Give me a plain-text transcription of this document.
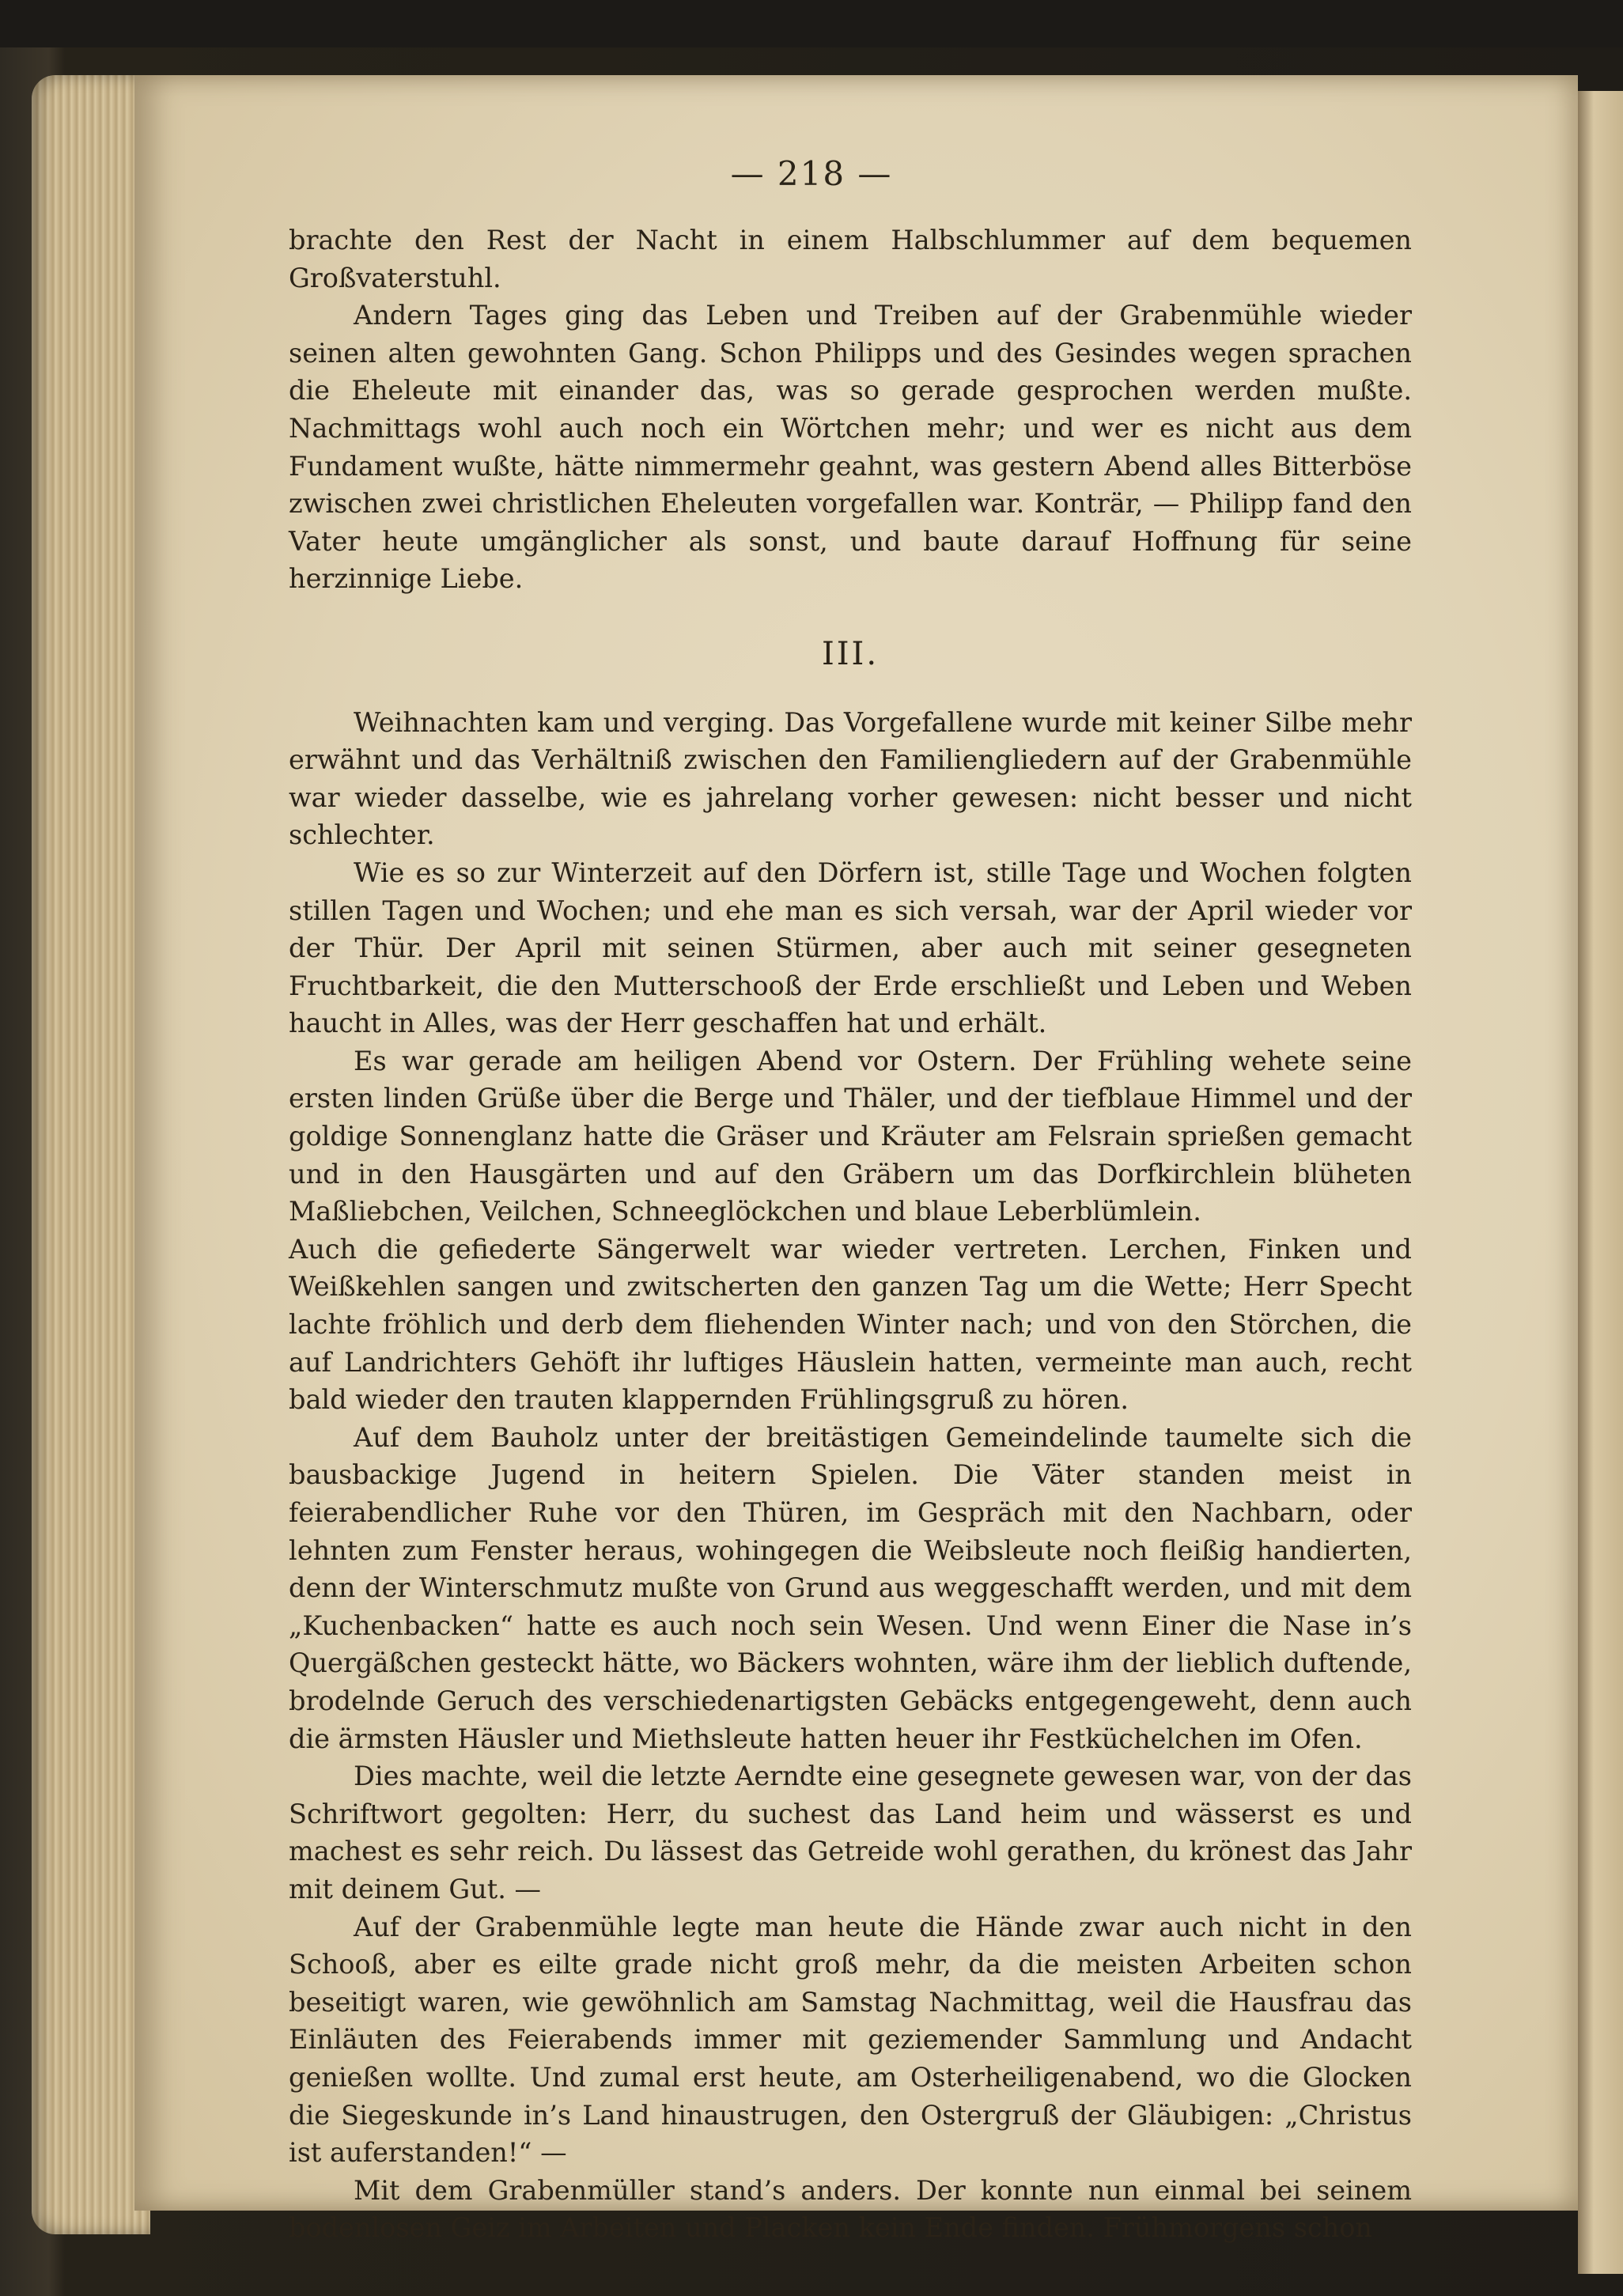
— 218 —

brachte den Rest der Nacht in einem Halbschlummer auf dem bequemen Großvaterstuhl.

Andern Tages ging das Leben und Treiben auf der Grabenmühle wieder seinen alten gewohnten Gang. Schon Philipps und des Gesindes wegen sprachen die Eheleute mit einander das, was so gerade gesprochen werden mußte. Nachmittags wohl auch noch ein Wörtchen mehr; und wer es nicht aus dem Fundament wußte, hätte nimmermehr geahnt, was gestern Abend alles Bitterböse zwischen zwei christlichen Eheleuten vorgefallen war. Konträr, — Philipp fand den Vater heute umgänglicher als sonst, und baute darauf Hoffnung für seine herzinnige Liebe.

III.

Weihnachten kam und verging. Das Vorgefallene wurde mit keiner Silbe mehr erwähnt und das Verhältniß zwischen den Familiengliedern auf der Grabenmühle war wieder dasselbe, wie es jahrelang vorher gewesen: nicht besser und nicht schlechter.

Wie es so zur Winterzeit auf den Dörfern ist, stille Tage und Wochen folgten stillen Tagen und Wochen; und ehe man es sich versah, war der April wieder vor der Thür. Der April mit seinen Stürmen, aber auch mit seiner gesegneten Fruchtbarkeit, die den Mutterschooß der Erde erschließt und Leben und Weben haucht in Alles, was der Herr geschaffen hat und erhält.

Es war gerade am heiligen Abend vor Ostern. Der Frühling wehete seine ersten linden Grüße über die Berge und Thäler, und der tiefblaue Himmel und der goldige Sonnenglanz hatte die Gräser und Kräuter am Felsrain sprießen gemacht und in den Hausgärten und auf den Gräbern um das Dorfkirchlein blüheten Maßliebchen, Veilchen, Schneeglöckchen und blaue Leberblümlein.

Auch die gefiederte Sängerwelt war wieder vertreten. Lerchen, Finken und Weißkehlen sangen und zwitscherten den ganzen Tag um die Wette; Herr Specht lachte fröhlich und derb dem fliehenden Winter nach; und von den Störchen, die auf Landrichters Gehöft ihr luftiges Häuslein hatten, vermeinte man auch, recht bald wieder den trauten klappernden Frühlingsgruß zu hören.

Auf dem Bauholz unter der breitästigen Gemeindelinde taumelte sich die bausbackige Jugend in heitern Spielen. Die Väter standen meist in feierabendlicher Ruhe vor den Thüren, im Gespräch mit den Nachbarn, oder lehnten zum Fenster heraus, wohingegen die Weibsleute noch fleißig handierten, denn der Winterschmutz mußte von Grund aus weggeschafft werden, und mit dem „Kuchenbacken“ hatte es auch noch sein Wesen. Und wenn Einer die Nase in’s Quergäßchen gesteckt hätte, wo Bäckers wohnten, wäre ihm der lieblich duftende, brodelnde Geruch des verschiedenartigsten Gebäcks entgegengeweht, denn auch die ärmsten Häusler und Miethsleute hatten heuer ihr Festküchelchen im Ofen.

Dies machte, weil die letzte Aerndte eine gesegnete gewesen war, von der das Schriftwort gegolten: Herr, du suchest das Land heim und wässerst es und machest es sehr reich. Du lässest das Getreide wohl gerathen, du krönest das Jahr mit deinem Gut. —

Auf der Grabenmühle legte man heute die Hände zwar auch nicht in den Schooß, aber es eilte grade nicht groß mehr, da die meisten Arbeiten schon beseitigt waren, wie gewöhnlich am Samstag Nachmittag, weil die Hausfrau das Einläuten des Feierabends immer mit geziemender Sammlung und Andacht genießen wollte. Und zumal erst heute, am Osterheiligenabend, wo die Glocken die Siegeskunde in’s Land hinaustrugen, den Ostergruß der Gläubigen: „Christus ist auferstanden!“ —

Mit dem Grabenmüller stand’s anders. Der konnte nun einmal bei seinem bodenlosen Geiz im Arbeiten und Placken kein Ende finden. Frühmorgens schon
